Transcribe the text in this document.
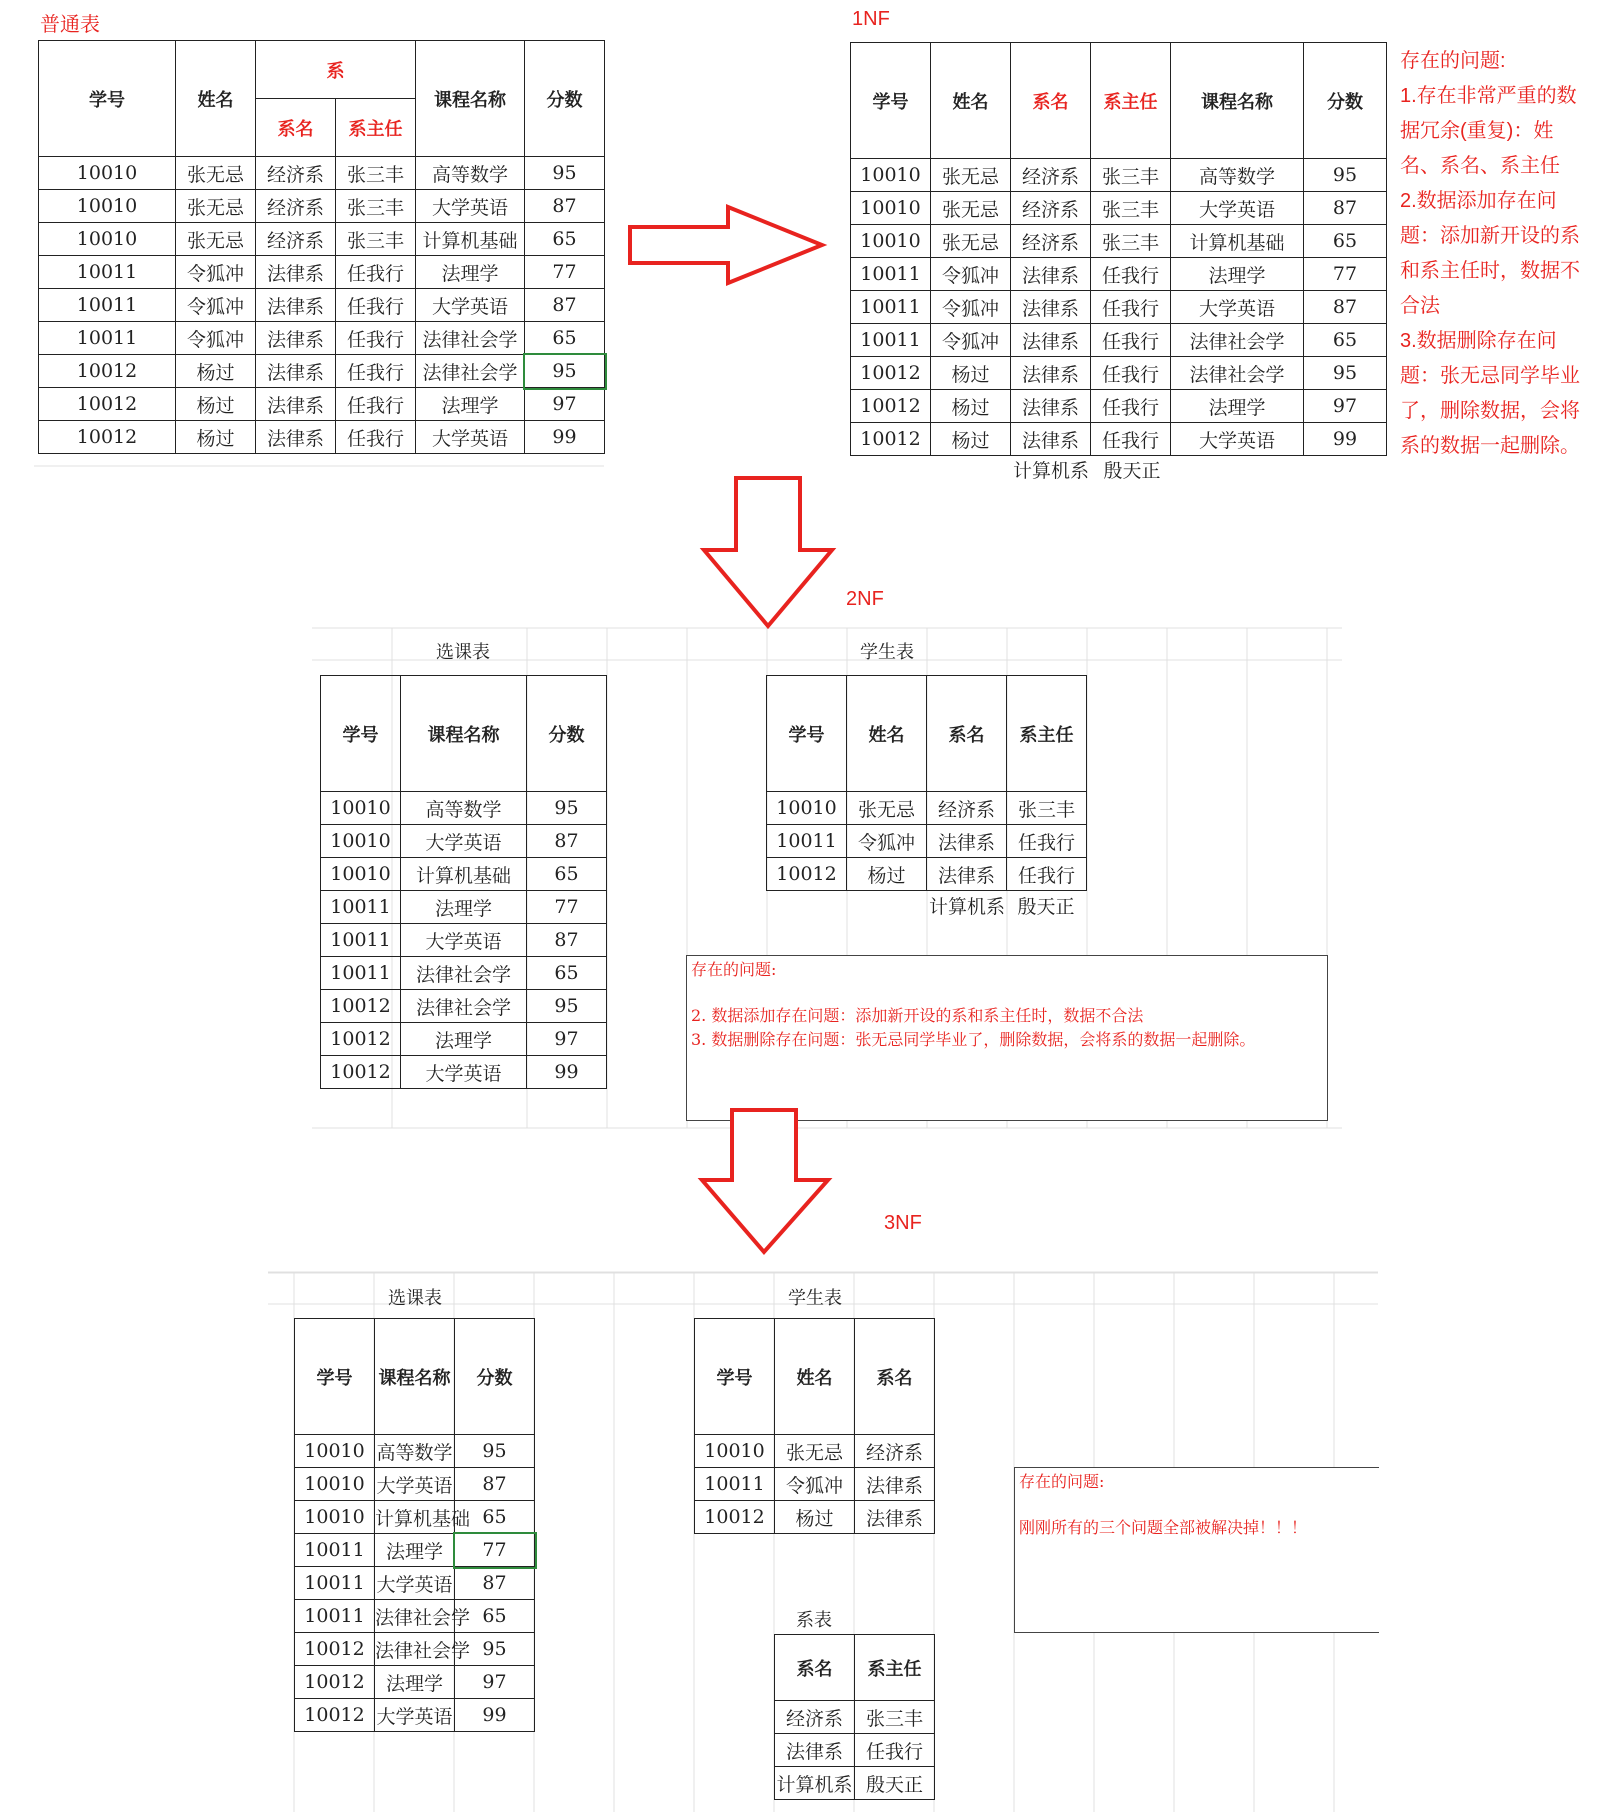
普通表	1NF
2NF
3NF
学号	姓名	系		课程名称	分数
		系名	系主任		
10010	张无忌	经济系	张三丰	高等数学	95
10010	张无忌	经济系	张三丰	大学英语	87
10010	张无忌	经济系	张三丰	计算机基础	65
10011	令狐冲	法律系	任我行	法理学	77
10011	令狐冲	法律系	任我行	大学英语	87
10011	令狐冲	法律系	任我行	法律社会学	65
10012	杨过	法律系	任我行	法律社会学	95
10012	杨过	法律系	任我行	法理学	97
10012	杨过	法律系	任我行	大学英语	99
学号	姓名	系名	系主任	课程名称	分数
10010	张无忌	经济系	张三丰	高等数学	95
10010	张无忌	经济系	张三丰	大学英语	87
10010	张无忌	经济系	张三丰	计算机基础	65
10011	令狐冲	法律系	任我行	法理学	77
10011	令狐冲	法律系	任我行	大学英语	87
10011	令狐冲	法律系	任我行	法律社会学	65
10012	杨过	法律系	任我行	法律社会学	95
10012	杨过	法律系	任我行	法理学	97
10012	杨过	法律系	任我行	大学英语	99
计算机系 殷天正
存在的问题:
1.存在非常严重的数
据冗余(重复)：姓
名、系名、系主任
2.数据添加存在问
题：添加新开设的系
和系主任时，数据不
合法
3.数据删除存在问
题：张无忌同学毕业
了，删除数据，会将
系的数据一起删除。
选课表
学号	课程名称	分数
10010	高等数学	95
10010	大学英语	87
10010	计算机基础	65
10011	法理学	77
10011	大学英语	87
10011	法律社会学	65
10012	法律社会学	95
10012	法理学	97
10012	大学英语	99
学生表
学号	姓名	系名	系主任
10010	张无忌	经济系	张三丰
10011	令狐冲	法律系	任我行
10012	杨过	法律系	任我行
计算机系 殷天正
存在的问题:
2. 数据添加存在问题：添加新开设的系和系主任时，数据不合法
3. 数据删除存在问题：张无忌同学毕业了，删除数据，会将系的数据一起删除。
选课表
学号	课程名称	分数
10010	高等数学	95
10010	大学英语	87
10010	计算机基础	65
10011	法理学	77
10011	大学英语	87
10011	法律社会学	65
10012	法律社会学	95
10012	法理学	97
10012	大学英语	99
学生表
学号	姓名	系名
10010	张无忌	经济系
10011	令狐冲	法律系
10012	杨过	法律系
系表
系名	系主任
经济系	张三丰
法律系	任我行
计算机系	殷天正
存在的问题:
刚刚所有的三个问题全部被解决掉！！！
